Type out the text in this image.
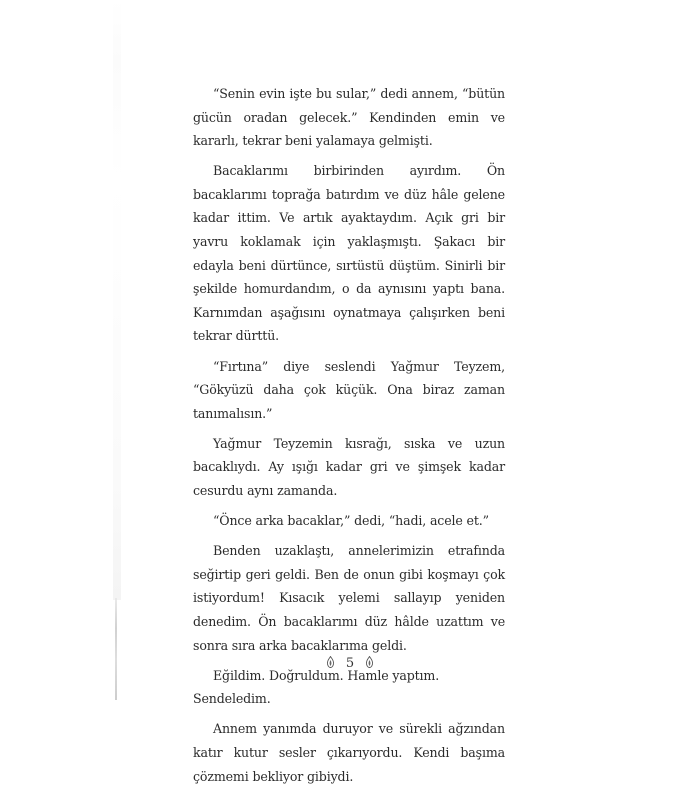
“Senin evin işte bu sular,” dedi annem, “bütün gücün oradan gelecek.” Kendinden emin ve kararlı, tekrar beni yalamaya gelmişti.

Bacaklarımı birbirinden ayırdım. Ön bacaklarımı toprağa batırdım ve düz hâle gelene kadar ittim. Ve artık ayaktaydım. Açık gri bir yavru koklamak için yaklaşmıştı. Şakacı bir edayla beni dürtünce, sırtüstü düştüm. Sinirli bir şekilde homurdandım, o da aynısını yaptı bana. Karnımdan aşağısını oynatmaya çalışırken beni tekrar dürttü.

“Fırtına” diye seslendi Yağmur Teyzem, “Gökyüzü daha çok küçük. Ona biraz zaman tanımalısın.”

Yağmur Teyzemin kısrağı, sıska ve uzun bacaklıydı. Ay ışığı kadar gri ve şimşek kadar cesurdu aynı zamanda.

“Önce arka bacaklar,” dedi, “hadi, acele et.”

Benden uzaklaştı, annelerimizin etrafında seğirtip geri geldi. Ben de onun gibi koşmayı çok istiyordum! Kısacık yelemi sallayıp yeniden denedim. Ön bacaklarımı düz hâlde uzattım ve sonra sıra arka bacaklarıma geldi.

Eğildim. Doğruldum. Hamle yaptım. Sendeledim.

Annem yanımda duruyor ve sürekli ağzından katır kutur sesler çıkarıyordu. Kendi başıma çözmemi bekliyor gibiydi.

5
